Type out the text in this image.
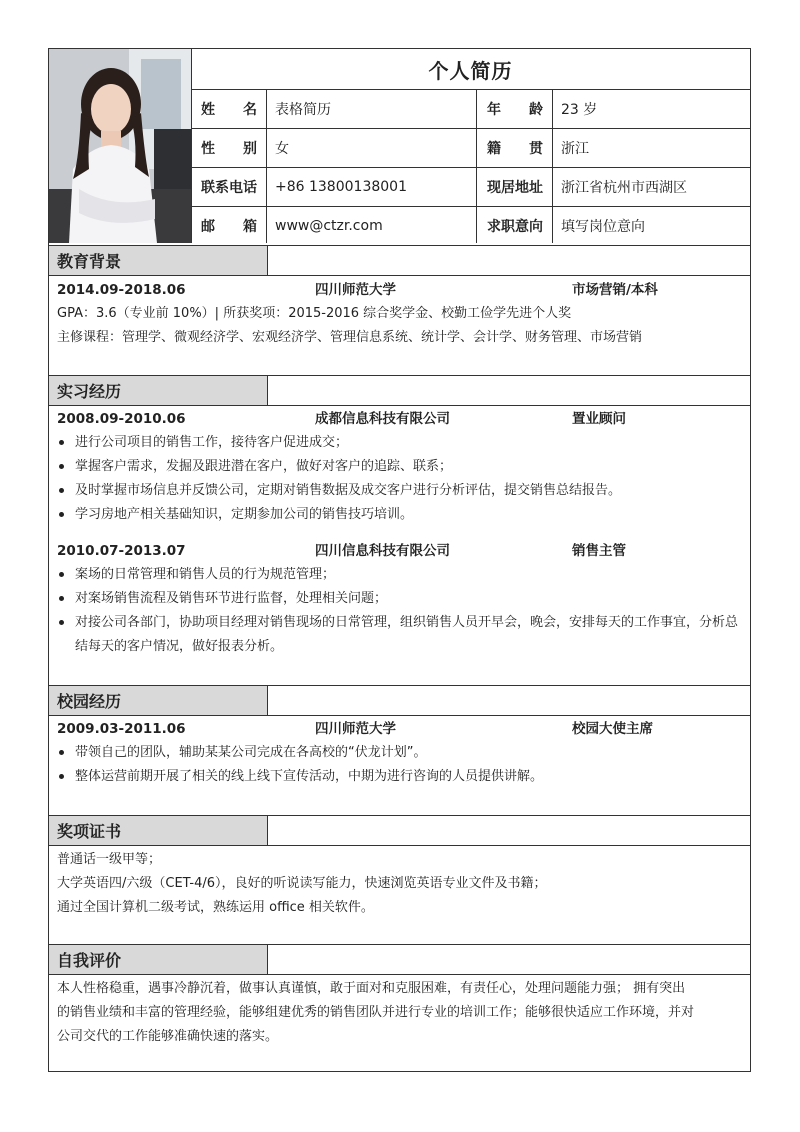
个人简历
姓　　名	表格简历	年　　龄	23 岁
性　　别 女	籍　　贯 浙江
联系电话 +86 13800138001	现居地址 浙江省杭州市西湖区
邮　　箱 www@ctzr.com	求职意向 填写岗位意向
教育背景
2014.09-2018.06	四川师范大学	市场营销/本科
GPA：3.6（专业前 10%）| 所获奖项：2015-2016 综合奖学金、校勤工俭学先进个人奖
主修课程：管理学、微观经济学、宏观经济学、管理信息系统、统计学、会计学、财务管理、市场营销
实习经历
2008.09-2010.06	成都信息科技有限公司	置业顾问
进行公司项目的销售工作，接待客户促进成交；
掌握客户需求，发掘及跟进潜在客户，做好对客户的追踪、联系；
及时掌握市场信息并反馈公司，定期对销售数据及成交客户进行分析评估，提交销售总结报告。
学习房地产相关基础知识，定期参加公司的销售技巧培训。
2010.07-2013.07	四川信息科技有限公司	销售主管
案场的日常管理和销售人员的行为规范管理；
对案场销售流程及销售环节进行监督，处理相关问题；
对接公司各部门，协助项目经理对销售现场的日常管理，组织销售人员开早会，晚会，安排每天的工作事宜，分析总结每天的客户情况，做好报表分析。
校园经历
2009.03-2011.06	四川师范大学	校园大使主席
带领自己的团队，辅助某某公司完成在各高校的“伏龙计划”。
整体运营前期开展了相关的线上线下宣传活动，中期为进行咨询的人员提供讲解。
奖项证书
普通话一级甲等；
大学英语四/六级（CET-4/6），良好的听说读写能力，快速浏览英语专业文件及书籍；
通过全国计算机二级考试，熟练运用 office 相关软件。
自我评价
本人性格稳重，遇事冷静沉着，做事认真谨慎，敢于面对和克服困难，有责任心，处理问题能力强； 拥有突出
的销售业绩和丰富的管理经验，能够组建优秀的销售团队并进行专业的培训工作；能够很快适应工作环境，并对
公司交代的工作能够准确快速的落实。
